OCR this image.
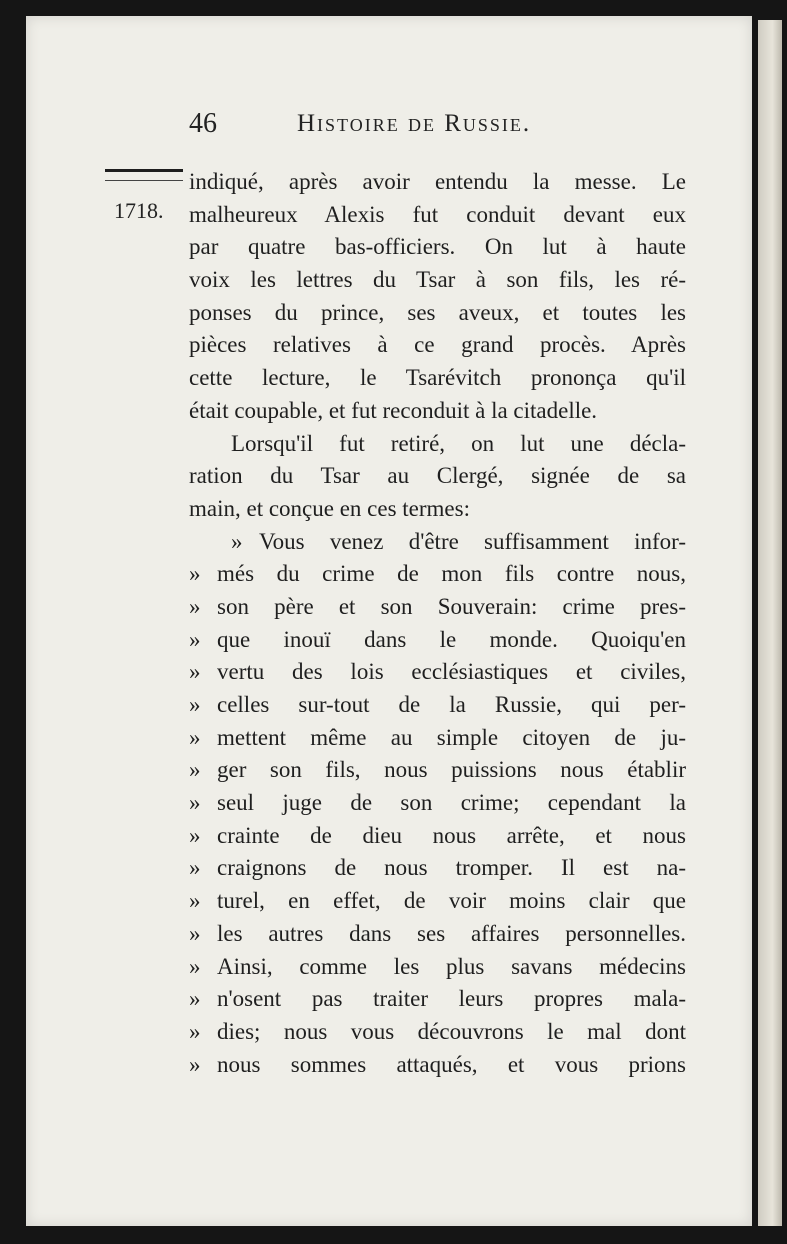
46	Histoire de Russie.
1718.
indiqué, après avoir entendu la messe. Le
malheureux Alexis fut conduit devant eux
par quatre bas-officiers. On lut à haute
voix les lettres du Tsar à son fils, les ré-
ponses du prince, ses aveux, et toutes les
pièces relatives à ce grand procès. Après
cette lecture, le Tsarévitch prononça qu'il
était coupable, et fut reconduit à la citadelle.
Lorsqu'il fut retiré, on lut une décla-
ration du Tsar au Clergé, signée de sa
main, et conçue en ces termes:
» Vous venez d'être suffisamment infor-
» més du crime de mon fils contre nous,
» son père et son Souverain: crime pres-
» que inouï dans le monde. Quoiqu'en
» vertu des lois ecclésiastiques et civiles,
» celles sur-tout de la Russie, qui per-
» mettent même au simple citoyen de ju-
» ger son fils, nous puissions nous établir
» seul juge de son crime; cependant la
» crainte de dieu nous arrête, et nous
» craignons de nous tromper. Il est na-
» turel, en effet, de voir moins clair que
» les autres dans ses affaires personnelles.
» Ainsi, comme les plus savans médecins
» n'osent pas traiter leurs propres mala-
» dies; nous vous découvrons le mal dont
» nous sommes attaqués, et vous prions
